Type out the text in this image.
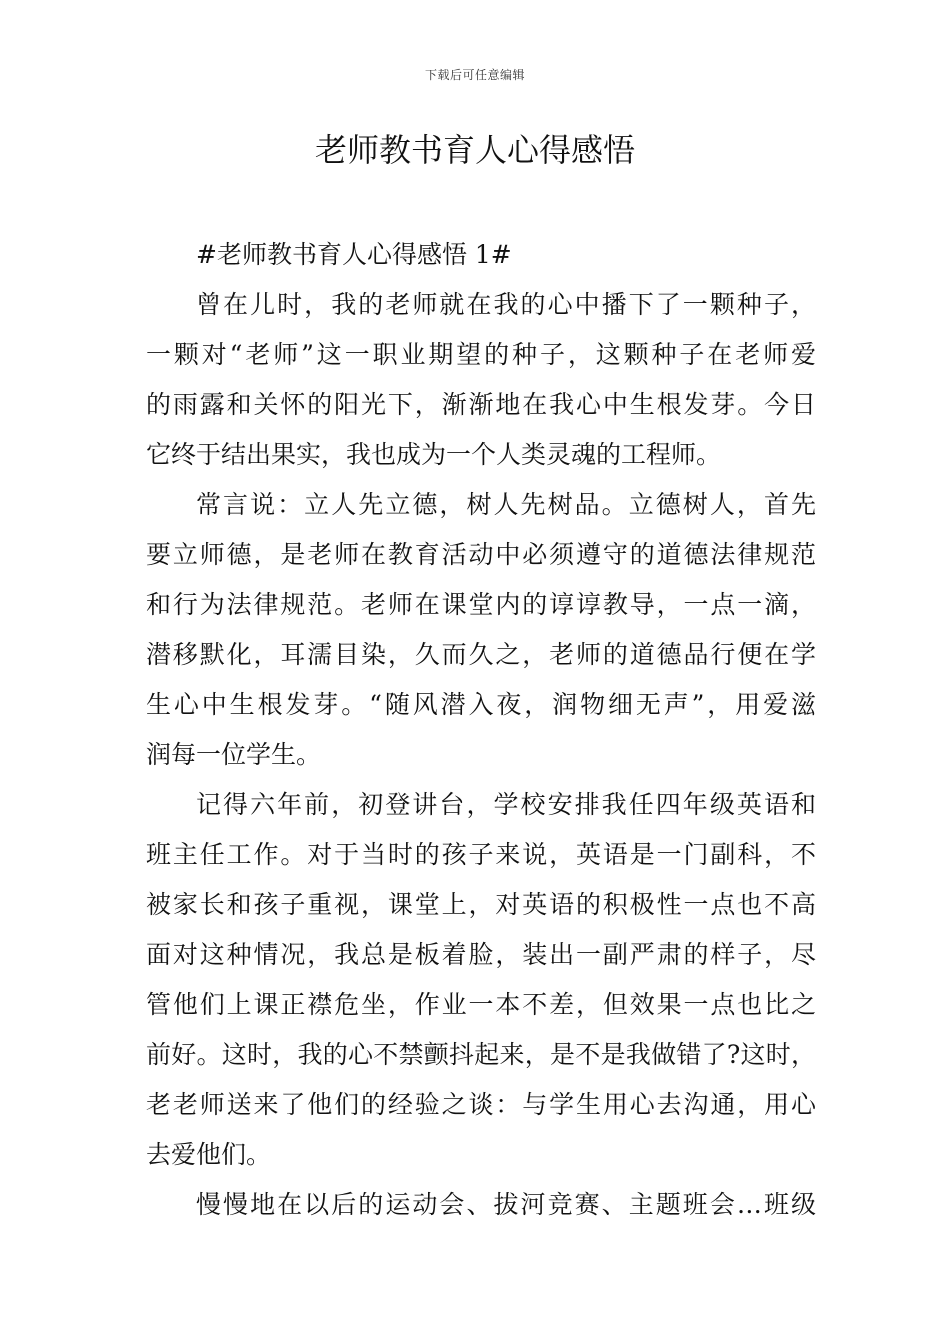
下载后可任意编辑
老师教书育人心得感悟

#老师教书育人心得感悟 1#

曾在儿时，我的老师就在我的心中播下了一颗种子，
一颗对“老师”这一职业期望的种子，这颗种子在老师爱
的雨露和关怀的阳光下，渐渐地在我心中生根发芽。今日
它终于结出果实，我也成为一个人类灵魂的工程师。
常言说：立人先立德，树人先树品。立德树人，首先
要立师德，是老师在教育活动中必须遵守的道德法律规范
和行为法律规范。老师在课堂内的谆谆教导，一点一滴，
潜移默化，耳濡目染，久而久之，老师的道德品行便在学
生心中生根发芽。“随风潜入夜，润物细无声”，用爱滋
润每一位学生。
记得六年前，初登讲台，学校安排我任四年级英语和
班主任工作。对于当时的孩子来说，英语是一门副科，不
被家长和孩子重视，课堂上，对英语的积极性一点也不高
面对这种情况，我总是板着脸，装出一副严肃的样子，尽
管他们上课正襟危坐，作业一本不差，但效果一点也比之
前好。这时，我的心不禁颤抖起来，是不是我做错了?这时，
老老师送来了他们的经验之谈：与学生用心去沟通，用心
去爱他们。
慢慢地在以后的运动会、拔河竞赛、主题班会…班级
